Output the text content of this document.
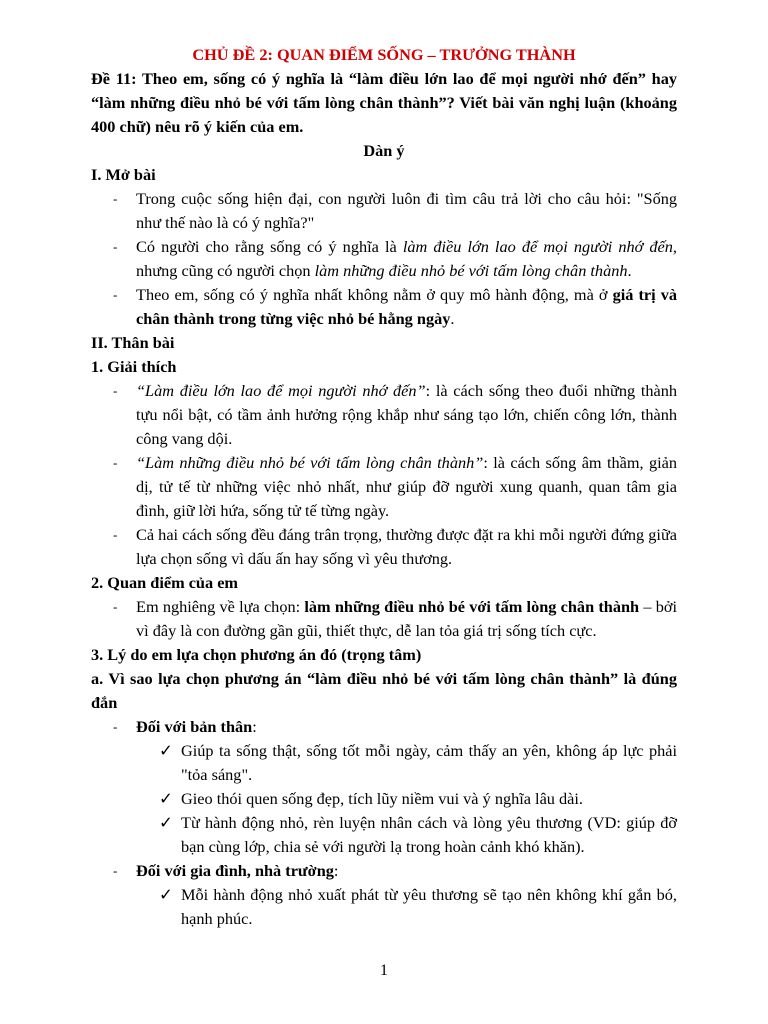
CHỦ ĐỀ 2: QUAN ĐIỂM SỐNG – TRƯỞNG THÀNH
Đề 11: Theo em, sống có ý nghĩa là “làm điều lớn lao để mọi người nhớ đến” hay “làm những điều nhỏ bé với tấm lòng chân thành”? Viết bài văn nghị luận (khoảng 400 chữ) nêu rõ ý kiến của em.
Dàn ý
I. Mở bài
- Trong cuộc sống hiện đại, con người luôn đi tìm câu trả lời cho câu hỏi: "Sống như thế nào là có ý nghĩa?"
- Có người cho rằng sống có ý nghĩa là làm điều lớn lao để mọi người nhớ đến, nhưng cũng có người chọn làm những điều nhỏ bé với tấm lòng chân thành.
- Theo em, sống có ý nghĩa nhất không nằm ở quy mô hành động, mà ở giá trị và chân thành trong từng việc nhỏ bé hằng ngày.
II. Thân bài
1. Giải thích
- “Làm điều lớn lao để mọi người nhớ đến”: là cách sống theo đuổi những thành tựu nổi bật, có tầm ảnh hưởng rộng khắp như sáng tạo lớn, chiến công lớn, thành công vang dội.
- “Làm những điều nhỏ bé với tấm lòng chân thành”: là cách sống âm thầm, giản dị, tử tế từ những việc nhỏ nhất, như giúp đỡ người xung quanh, quan tâm gia đình, giữ lời hứa, sống tử tế từng ngày.
- Cả hai cách sống đều đáng trân trọng, thường được đặt ra khi mỗi người đứng giữa lựa chọn sống vì dấu ấn hay sống vì yêu thương.
2. Quan điểm của em
- Em nghiêng về lựa chọn: làm những điều nhỏ bé với tấm lòng chân thành – bởi vì đây là con đường gần gũi, thiết thực, dễ lan tỏa giá trị sống tích cực.
3. Lý do em lựa chọn phương án đó (trọng tâm)
a. Vì sao lựa chọn phương án “làm điều nhỏ bé với tấm lòng chân thành” là đúng đắn
- Đối với bản thân:
✓ Giúp ta sống thật, sống tốt mỗi ngày, cảm thấy an yên, không áp lực phải "tỏa sáng".
✓ Gieo thói quen sống đẹp, tích lũy niềm vui và ý nghĩa lâu dài.
✓ Từ hành động nhỏ, rèn luyện nhân cách và lòng yêu thương (VD: giúp đỡ bạn cùng lớp, chia sẻ với người lạ trong hoàn cảnh khó khăn).
- Đối với gia đình, nhà trường:
✓ Mỗi hành động nhỏ xuất phát từ yêu thương sẽ tạo nên không khí gắn bó, hạnh phúc.
1
